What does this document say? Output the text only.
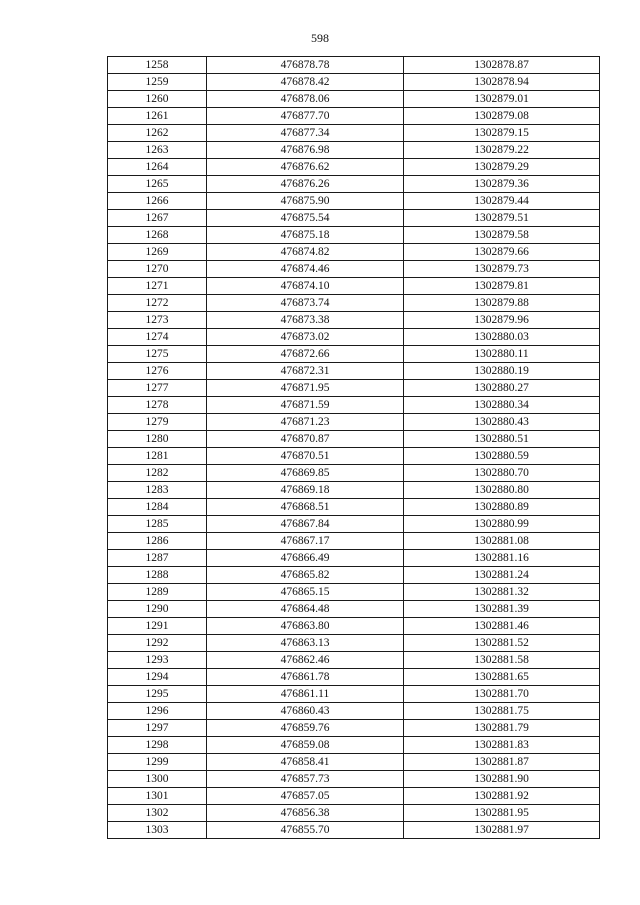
598
1258	476878.78	1302878.87
1259	476878.42	1302878.94
1260	476878.06	1302879.01
1261	476877.70	1302879.08
1262	476877.34	1302879.15
1263	476876.98	1302879.22
1264	476876.62	1302879.29
1265	476876.26	1302879.36
1266	476875.90	1302879.44
1267	476875.54	1302879.51
1268	476875.18	1302879.58
1269	476874.82	1302879.66
1270	476874.46	1302879.73
1271	476874.10	1302879.81
1272	476873.74	1302879.88
1273	476873.38	1302879.96
1274	476873.02	1302880.03
1275	476872.66	1302880.11
1276	476872.31	1302880.19
1277	476871.95	1302880.27
1278	476871.59	1302880.34
1279	476871.23	1302880.43
1280	476870.87	1302880.51
1281	476870.51	1302880.59
1282	476869.85	1302880.70
1283	476869.18	1302880.80
1284	476868.51	1302880.89
1285	476867.84	1302880.99
1286	476867.17	1302881.08
1287	476866.49	1302881.16
1288	476865.82	1302881.24
1289	476865.15	1302881.32
1290	476864.48	1302881.39
1291	476863.80	1302881.46
1292	476863.13	1302881.52
1293	476862.46	1302881.58
1294	476861.78	1302881.65
1295	476861.11	1302881.70
1296	476860.43	1302881.75
1297	476859.76	1302881.79
1298	476859.08	1302881.83
1299	476858.41	1302881.87
1300	476857.73	1302881.90
1301	476857.05	1302881.92
1302	476856.38	1302881.95
1303	476855.70	1302881.97
